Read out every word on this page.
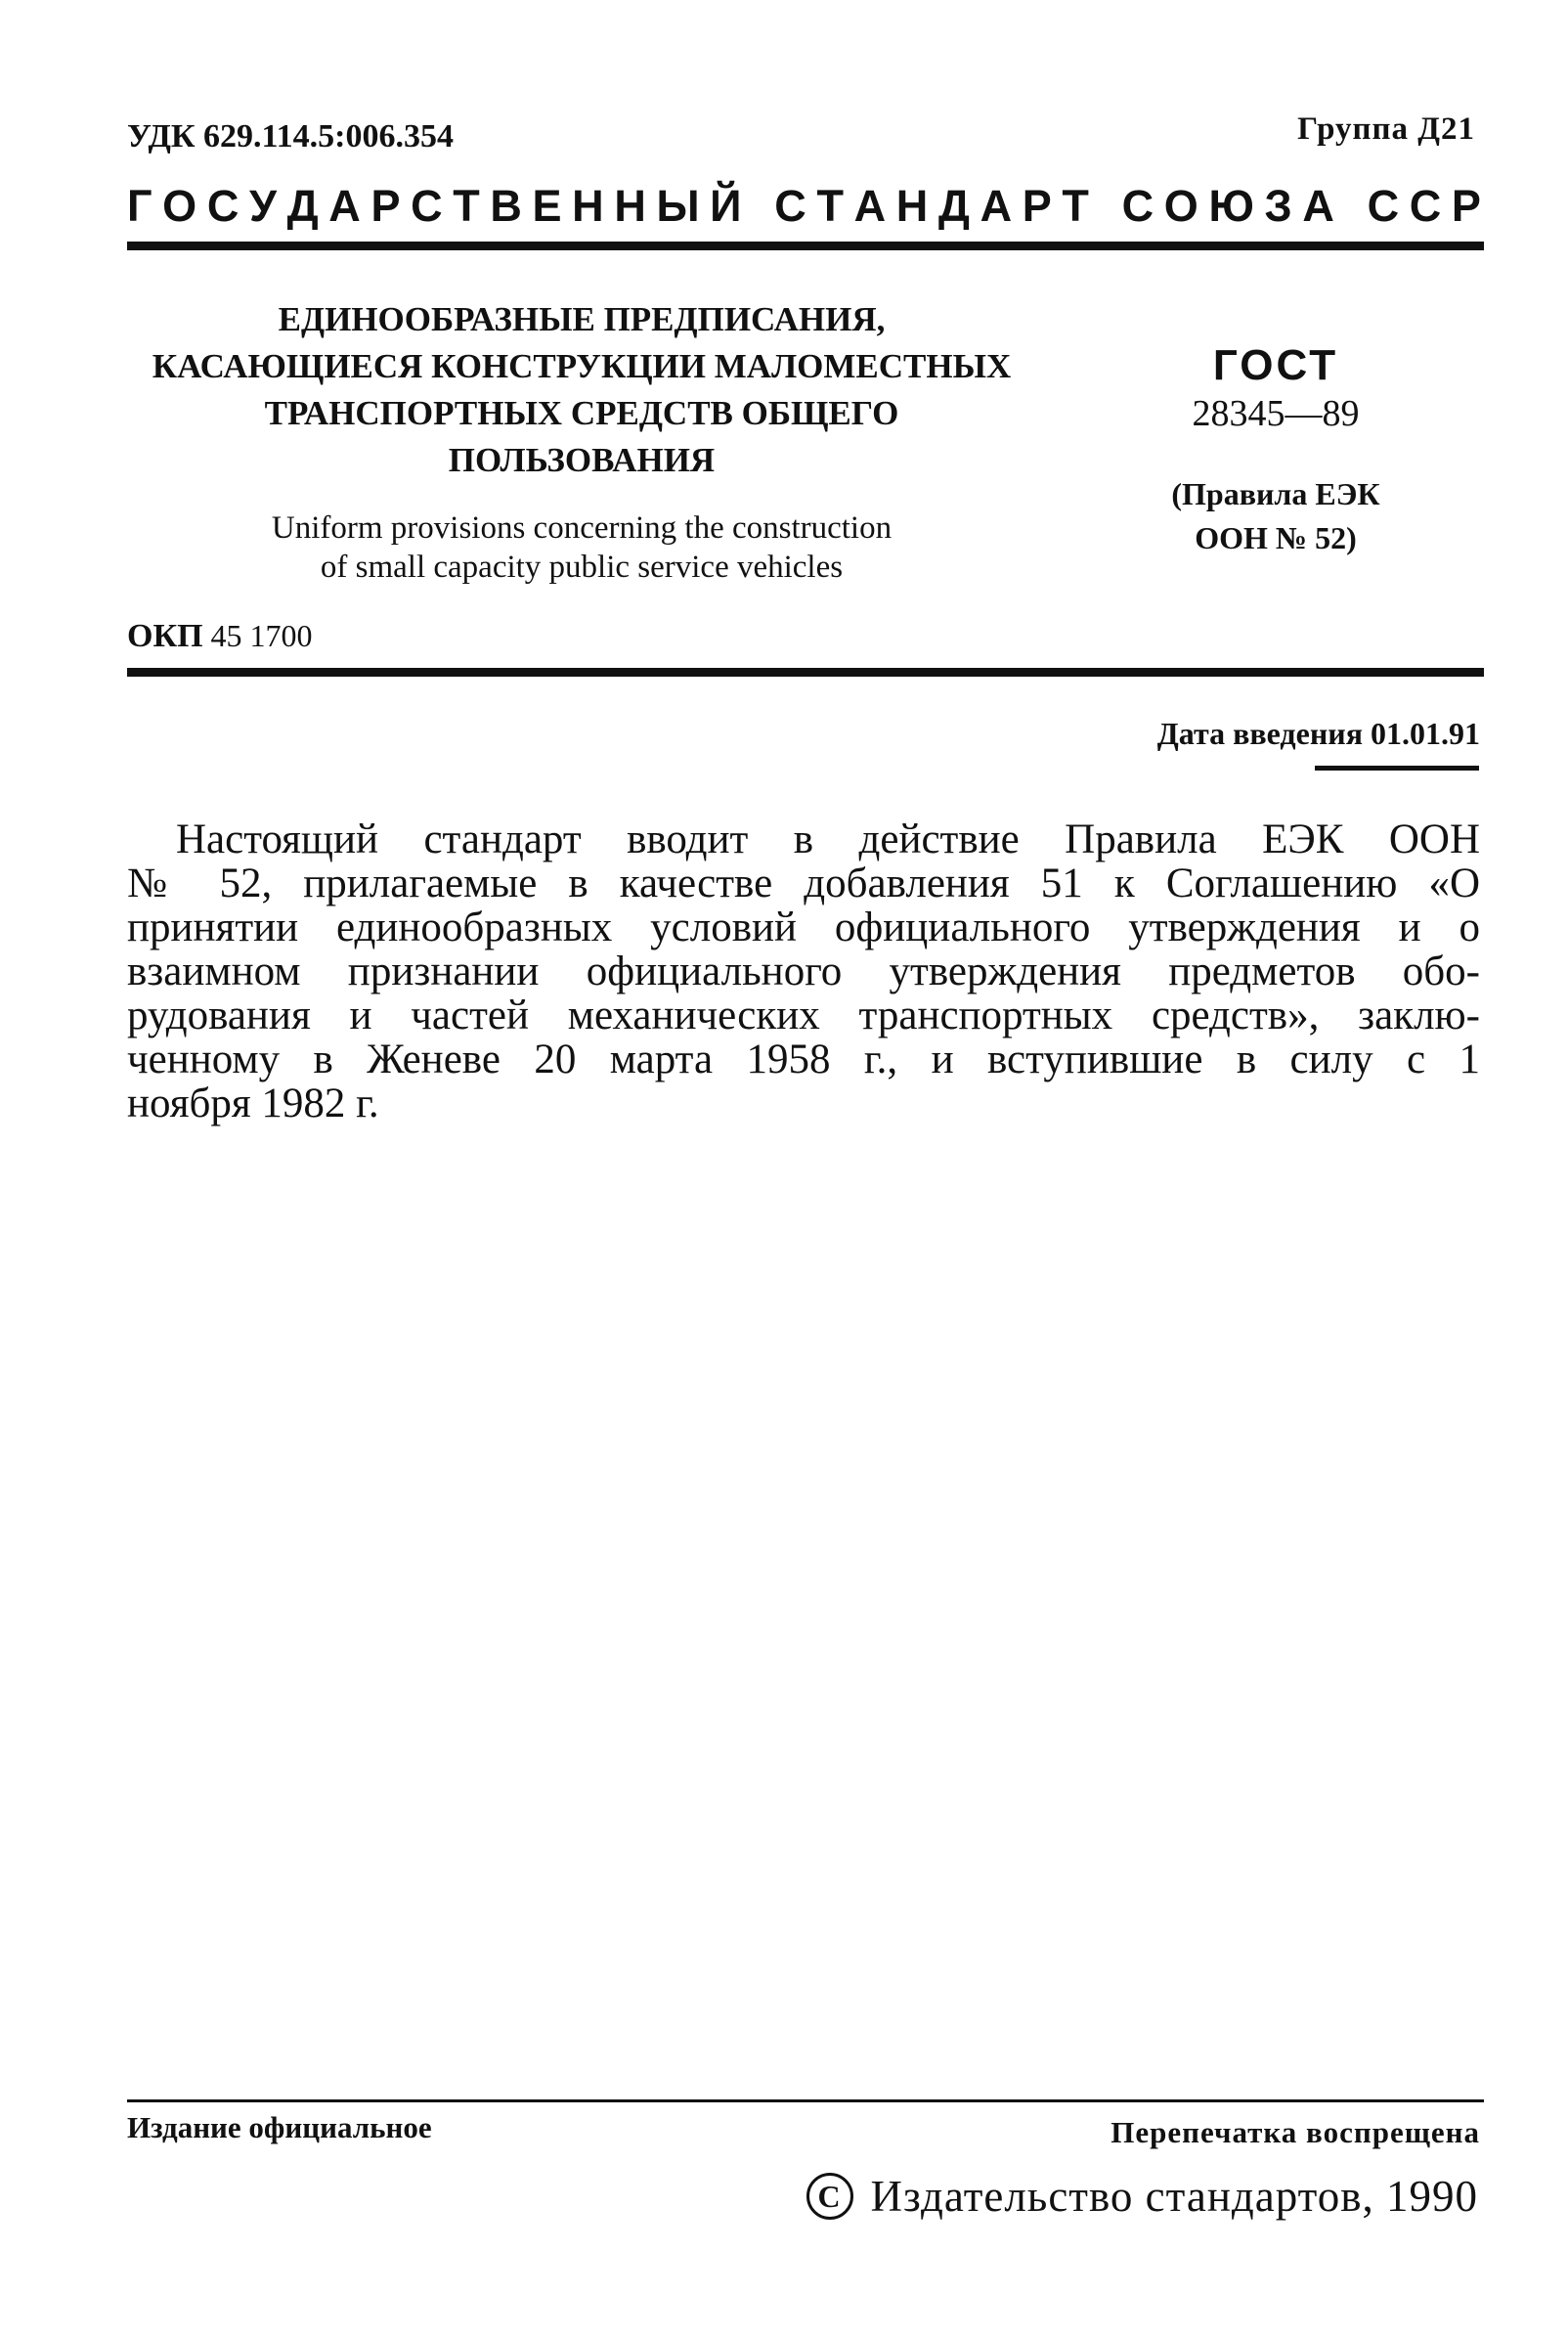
УДК 629.114.5:006.354	Группа Д21
Г О С У Д А Р С Т В Е Н Н Ы Й
С Т А Н Д А Р Т
С О Ю З А
С С Р
ЕДИНООБРАЗНЫЕ ПРЕДПИСАНИЯ,
КАСАЮЩИЕСЯ КОНСТРУКЦИИ МАЛОМЕСТНЫХ
ТРАНСПОРТНЫХ СРЕДСТВ ОБЩЕГО
ПОЛЬЗОВАНИЯ
Uniform provisions concerning the construction
of small capacity public service vehicles
ГОСТ
28345—89
(Правила ЕЭК
ООН № 52)
ОКП 45 1700
Дата введения 01.01.91
Настоящий стандарт вводит в действие Правила ЕЭК ООН
№ 52, прилагаемые в качестве добавления 51 к Соглашению «О
принятии единообразных условий официального утверждения и о
взаимном признании официального утверждения предметов обо-
рудования и частей механических транспортных средств», заклю-
ченному в Женеве 20 марта 1958 г., и вступившие в силу с 1
ноября 1982 г.
Издание официальное	Перепечатка воспрещена
C Издательство стандартов, 1990
